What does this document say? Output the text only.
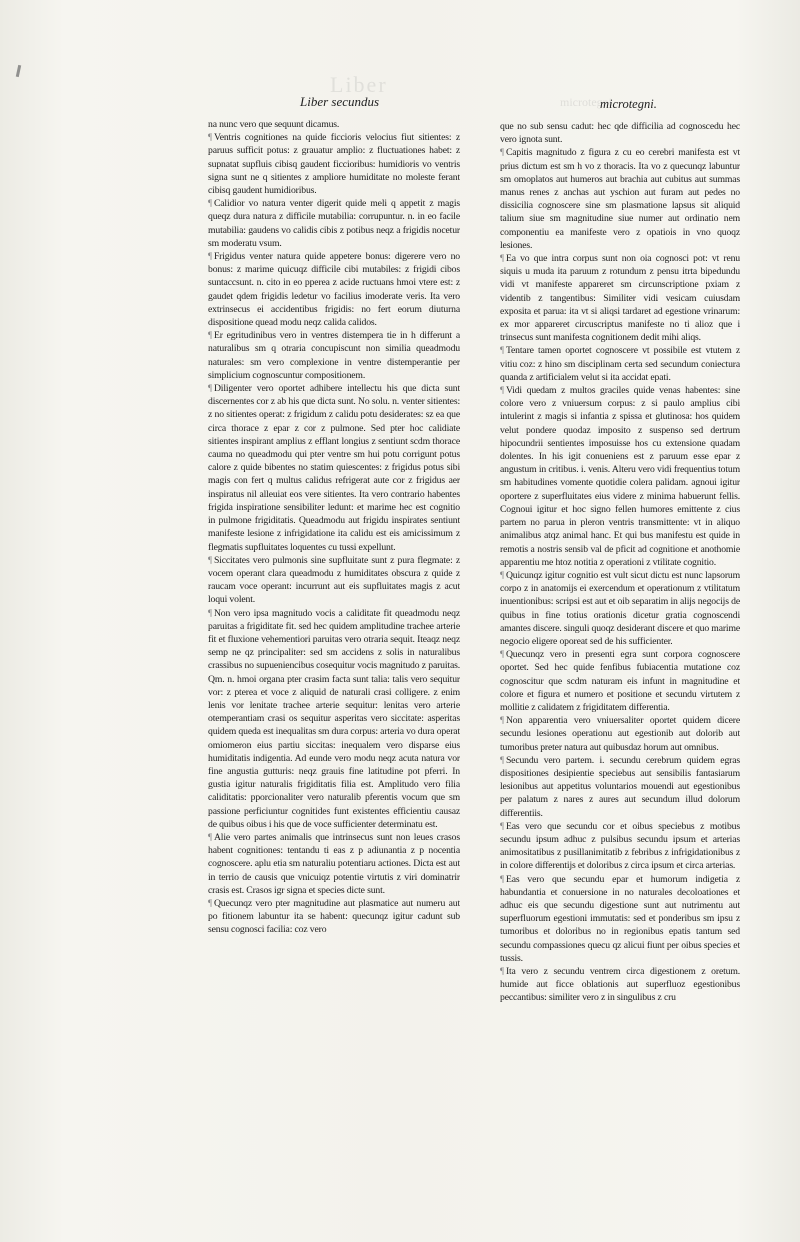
Liber
Liber secundus	microtegni
microtegni.

na nunc vero que sequunt dicamus.

¶ Ventris cognitiones na quide ficcioris velocius fiut sitientes: z paruus sufficit potus: z grauatur amplio: z fluctuationes habet: z supnatat supfluis cibisq gaudent ficcioribus: humidioris vo ventris signa sunt ne q sitientes z ampliore humiditate no moleste ferant cibisq gaudent humidioribus.

¶ Calidior vo natura venter digerit quide meli q appetit z magis queqz dura natura z difficile mutabilia: corrupuntur. n. in eo facile mutabilia: gaudens vo calidis cibis z potibus neqz a frigidis nocetur sm moderatu vsum.

¶ Frigidus venter natura quide appetere bonus: digerere vero no bonus: z marime quicuqz difficile cibi mutabiles: z frigidi cibos suntaccsunt. n. cito in eo pperea z acide ructuans hmoi vtere est: z gaudet qdem frigidis ledetur vo facilius imoderate veris. Ita vero extrinsecus ei accidentibus frigidis: no fert eorum diuturna dispositione quead modu neqz calida calidos.

¶ Er egritudinibus vero in ventres distempera tie in h differunt a naturalibus sm q otraria concupiscunt non similia queadmodu naturales: sm vero complexione in ventre distemperantie per simplicium cognoscuntur compositionem.

¶ Diligenter vero oportet adhibere intellectu his que dicta sunt discernentes cor z ab his que dicta sunt. No solu. n. venter sitientes: z no sitientes operat: z frigidum z calidu potu desiderates: sz ea que circa thorace z epar z cor z pulmone. Sed pter hoc calidiate sitientes inspirant amplius z efflant longius z sentiunt scdm thorace cauma no queadmodu qui pter ventre sm hui potu corrigunt potus calore z quide bibentes no statim quiescentes: z frigidus potus sibi magis con fert q multus calidus refrigerat aute cor z frigidus aer inspiratus nil alleuiat eos vere sitientes. Ita vero contrario habentes frigida inspiratione sensibiliter ledunt: et marime hec est cognitio in pulmone frigiditatis. Queadmodu aut frigidu inspirates sentiunt manifeste lesione z infrigidatione ita calidu est eis amicissimum z flegmatis supfluitates loquentes cu tussi expellunt.

¶ Siccitates vero pulmonis sine supfluitate sunt z pura flegmate: z vocem operant clara queadmodu z humiditates obscura z quide z raucam voce operant: incurrunt aut eis supfluitates magis z acut loqui volent.

¶ Non vero ipsa magnitudo vocis a caliditate fit queadmodu neqz paruitas a frigiditate fit. sed hec quidem amplitudine trachee arterie fit et fluxione vehementiori paruitas vero otraria sequit. Iteaqz neqz semp ne qz principaliter: sed sm accidens z solis in naturalibus crassibus no supueniencibus cosequitur vocis magnitudo z paruitas. Qm. n. hmoi organa pter crasim facta sunt talia: talis vero sequitur vor: z pterea et voce z aliquid de naturali crasi colligere. z enim lenis vor lenitate trachee arterie sequitur: lenitas vero arterie otemperantiam crasi os sequitur asperitas vero siccitate: asperitas quidem queda est inequalitas sm dura corpus: arteria vo dura operat omiomeron eius partiu siccitas: inequalem vero disparse eius humiditatis indigentia. Ad eunde vero modu neqz acuta natura vor fine angustia gutturis: neqz grauis fine latitudine pot pferri. In gustia igitur naturalis frigiditatis filia est. Amplitudo vero filia caliditatis: pporcionaliter vero naturalib pferentis vocum que sm passione perficiuntur cognitides funt existentes efficientiu causaz de quibus oibus i his que de voce sufficienter determinatu est.

¶ Alie vero partes animalis que intrinsecus sunt non leues crasos habent cognitiones: tentandu ti eas z p adiunantia z p nocentia cognoscere. aplu etia sm naturaliu potentiaru actiones. Dicta est aut in terrio de causis que vnicuiqz potentie virtutis z viri dominatrir crasis est. Crasos igr signa et species dicte sunt.

¶ Quecunqz vero pter magnitudine aut plasmatice aut numeru aut po fitionem labuntur ita se habent: quecunqz igitur cadunt sub sensu cognosci facilia: coz vero

que no sub sensu cadut: hec qde difficilia ad cognoscedu hec vero ignota sunt.

¶ Capitis magnitudo z figura z cu eo cerebri manifesta est vt prius dictum est sm h vo z thoracis. Ita vo z quecunqz labuntur sm omoplatos aut humeros aut brachia aut cubitus aut summas manus renes z anchas aut yschion aut furam aut pedes no dissicilia cognoscere sine sm plasmatione lapsus sit aliquid talium siue sm magnitudine siue numer aut ordinatio nem componentiu ea manifeste vero z opatiois in vno quoqz lesiones.

¶ Ea vo que intra corpus sunt non oia cognosci pot: vt renu siquis u muda ita paruum z rotundum z pensu itrta bipedundu vidi vt manifeste appareret sm circunscriptione pxiam z videntib z tangentibus: Similiter vidi vesicam cuiusdam exposita et parua: ita vt si aliqsi tardaret ad egestione vrinarum: ex mor appareret circuscriptus manifeste no ti alioz que i trinsecus sunt manifesta cognitionem dedit mihi aliqs.

¶ Tentare tamen oportet cognoscere vt possibile est vtutem z vitiu coz: z hino sm disciplinam certa sed secundum coniectura quanda z artificialem velut si ita accidat epati.

¶ Vidi quedam z multos graciles quide venas habentes: sine colore vero z vniuersum corpus: z si paulo amplius cibi intulerint z magis si infantia z spissa et glutinosa: hos quidem velut pondere quodaz imposito z suspenso sed dertrum hipocundrii sentientes imposuisse hos cu extensione quadam dolentes. In his igit conueniens est z paruum esse epar z angustum in critibus. i. venis. Alteru vero vidi frequentius totum sm habitudines vomente quotidie colera palidam. agnoui igitur oportere z superfluitates eius videre z minima habuerunt fellis. Cognoui igitur et hoc signo fellen humores emittente z cius partem no parua in pleron ventris transmittente: vt in aliquo animalibus atqz animal hanc. Et qui bus manifestu est quide in remotis a nostris sensib val de pficit ad cognitione et anothomie apparentiu me htoz notitia z operationi z vtilitate cognitio.

¶ Quicunqz igitur cognitio est vult sicut dictu est nunc lapsorum corpo z in anatomijs ei exercendum et operationum z vtilitatum inuentionibus: scripsi est aut et oib separatim in alijs negocijs de quibus in fine totius orationis dicetur gratia cognoscendi amantes discere. singuli quoqz desiderant discere et quo marime negocio eligere oporeat sed de his sufficienter.

¶ Quecunqz vero in presenti egra sunt corpora cognoscere oportet. Sed hec quide fenfibus fubiacentia mutatione coz cognoscitur que scdm naturam eis infunt in magnitudine et colore et figura et numero et positione et secundu virtutem z mollitie z calidatem z frigiditatem differentia.

¶ Non apparentia vero vniuersaliter oportet quidem dicere secundu lesiones operationu aut egestionib aut dolorib aut tumoribus preter natura aut quibusdaz horum aut omnibus.

¶ Secundu vero partem. i. secundu cerebrum quidem egras dispositiones desipientie speciebus aut sensibilis fantasiarum lesionibus aut appetitus voluntarios mouendi aut egestionibus per palatum z nares z aures aut secundum illud dolorum differentiis.

¶ Eas vero que secundu cor et oibus speciebus z motibus secundu ipsum adhuc z pulsibus secundu ipsum et arterias animositatibus z pusillanimitatib z febribus z infrigidationibus z in colore differentijs et doloribus z circa ipsum et circa arterias.

¶ Eas vero que secundu epar et humorum indigetia z habundantia et conuersione in no naturales decoloationes et adhuc eis que secundu digestione sunt aut nutrimentu aut superfluorum egestioni immutatis: sed et ponderibus sm ipsu z tumoribus et doloribus no in regionibus epatis tantum sed secundu compassiones quecu qz alicui fiunt per oibus species et tussis.

¶ Ita vero z secundu ventrem circa digestionem z oretum. humide aut ficce oblationis aut superfluoz egestionibus peccantibus: similiter vero z in singulibus z cru
